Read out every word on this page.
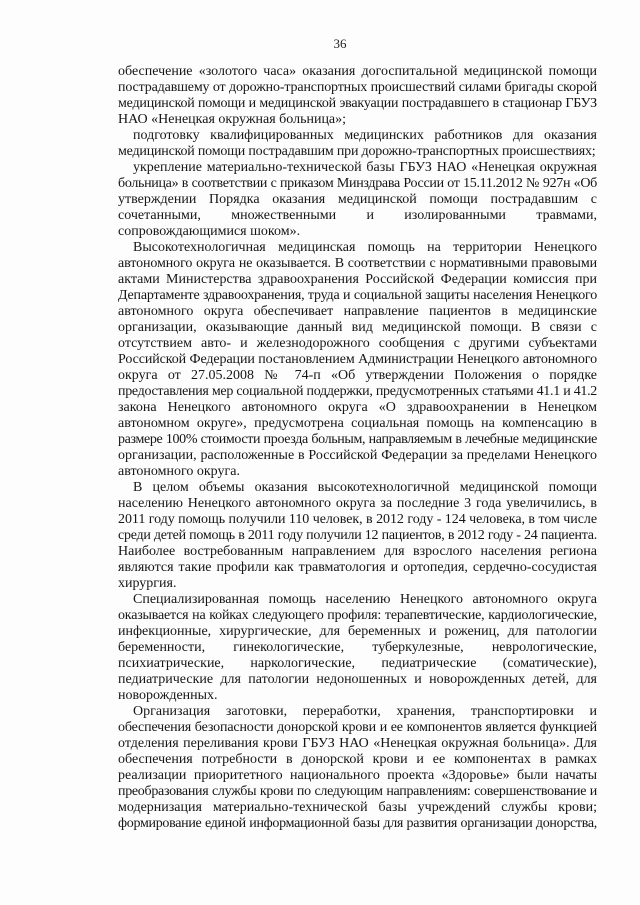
36
обеспечение «золотого часа» оказания догоспитальной медицинской помощи
пострадавшему от дорожно-транспортных происшествий силами бригады скорой
медицинской помощи и медицинской эвакуации пострадавшего в стационар ГБУЗ
НАО «Ненецкая окружная больница»;
подготовку квалифицированных медицинских работников для оказания
медицинской помощи пострадавшим при дорожно-транспортных происшествиях;
укрепление материально-технической базы ГБУЗ НАО «Ненецкая окружная
больница» в соответствии с приказом Минздрава России от 15.11.2012 № 927н «Об
утверждении Порядка оказания медицинской помощи пострадавшим с
сочетанными, множественными и изолированными травмами,
сопровождающимися шоком».
Высокотехнологичная медицинская помощь на территории Ненецкого
автономного округа не оказывается. В соответствии с нормативными правовыми
актами Министерства здравоохранения Российской Федерации комиссия при
Департаменте здравоохранения, труда и социальной защиты населения Ненецкого
автономного округа обеспечивает направление пациентов в медицинские
организации, оказывающие данный вид медицинской помощи. В связи с
отсутствием авто- и железнодорожного сообщения с другими субъектами
Российской Федерации постановлением Администрации Ненецкого автономного
округа от 27.05.2008 № 74-п «Об утверждении Положения о порядке
предоставления мер социальной поддержки, предусмотренных статьями 41.1 и 41.2
закона Ненецкого автономного округа «О здравоохранении в Ненецком
автономном округе», предусмотрена социальная помощь на компенсацию в
размере 100% стоимости проезда больным, направляемым в лечебные медицинские
организации, расположенные в Российской Федерации за пределами Ненецкого
автономного округа.
В целом объемы оказания высокотехнологичной медицинской помощи
населению Ненецкого автономного округа за последние 3 года увеличились, в
2011 году помощь получили 110 человек, в 2012 году - 124 человека, в том числе
среди детей помощь в 2011 году получили 12 пациентов, в 2012 году - 24 пациента.
Наиболее востребованным направлением для взрослого населения региона
являются такие профили как травматология и ортопедия, сердечно-сосудистая
хирургия.
Специализированная помощь населению Ненецкого автономного округа
оказывается на койках следующего профиля: терапевтические, кардиологические,
инфекционные, хирургические, для беременных и рожениц, для патологии
беременности, гинекологические, туберкулезные, неврологические,
психиатрические, наркологические, педиатрические (соматические),
педиатрические для патологии недоношенных и новорожденных детей, для
новорожденных.
Организация заготовки, переработки, хранения, транспортировки и
обеспечения безопасности донорской крови и ее компонентов является функцией
отделения переливания крови ГБУЗ НАО «Ненецкая окружная больница». Для
обеспечения потребности в донорской крови и ее компонентах в рамках
реализации приоритетного национального проекта «Здоровье» были начаты
преобразования службы крови по следующим направлениям: совершенствование и
модернизация материально-технической базы учреждений службы крови;
формирование единой информационной базы для развития организации донорства,
